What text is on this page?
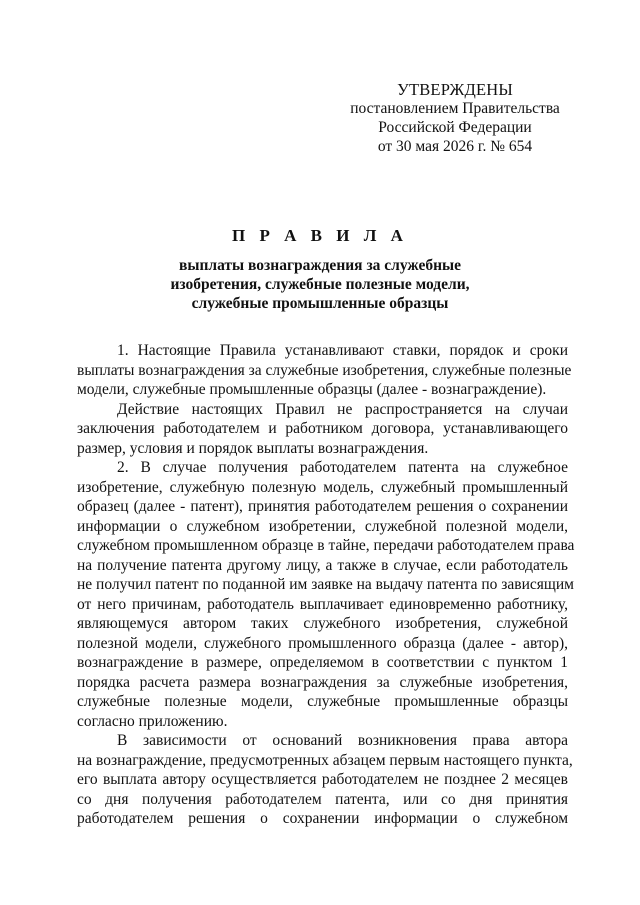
УТВЕРЖДЕНЫ
постановлением Правительства
Российской Федерации
от 30 мая 2026 г. № 654
П Р А В И Л А
выплаты вознаграждения за служебные
изобретения, служебные полезные модели,
служебные промышленные образцы
1. Настоящие Правила устанавливают ставки, порядок и сроки
выплаты вознаграждения за служебные изобретения, служебные полезные
модели, служебные промышленные образцы (далее - вознаграждение).
Действие настоящих Правил не распространяется на случаи
заключения работодателем и работником договора, устанавливающего
размер, условия и порядок выплаты вознаграждения.
2. В случае получения работодателем патента на служебное
изобретение, служебную полезную модель, служебный промышленный
образец (далее - патент), принятия работодателем решения о сохранении
информации о служебном изобретении, служебной полезной модели,
служебном промышленном образце в тайне, передачи работодателем права
на получение патента другому лицу, а также в случае, если работодатель
не получил патент по поданной им заявке на выдачу патента по зависящим
от него причинам, работодатель выплачивает единовременно работнику,
являющемуся автором таких служебного изобретения, служебной
полезной модели, служебного промышленного образца (далее - автор),
вознаграждение в размере, определяемом в соответствии с пунктом 1
порядка расчета размера вознаграждения за служебные изобретения,
служебные полезные модели, служебные промышленные образцы
согласно приложению.
В зависимости от оснований возникновения права автора
на вознаграждение, предусмотренных абзацем первым настоящего пункта,
его выплата автору осуществляется работодателем не позднее 2 месяцев
со дня получения работодателем патента, или со дня принятия
работодателем решения о сохранении информации о служебном
